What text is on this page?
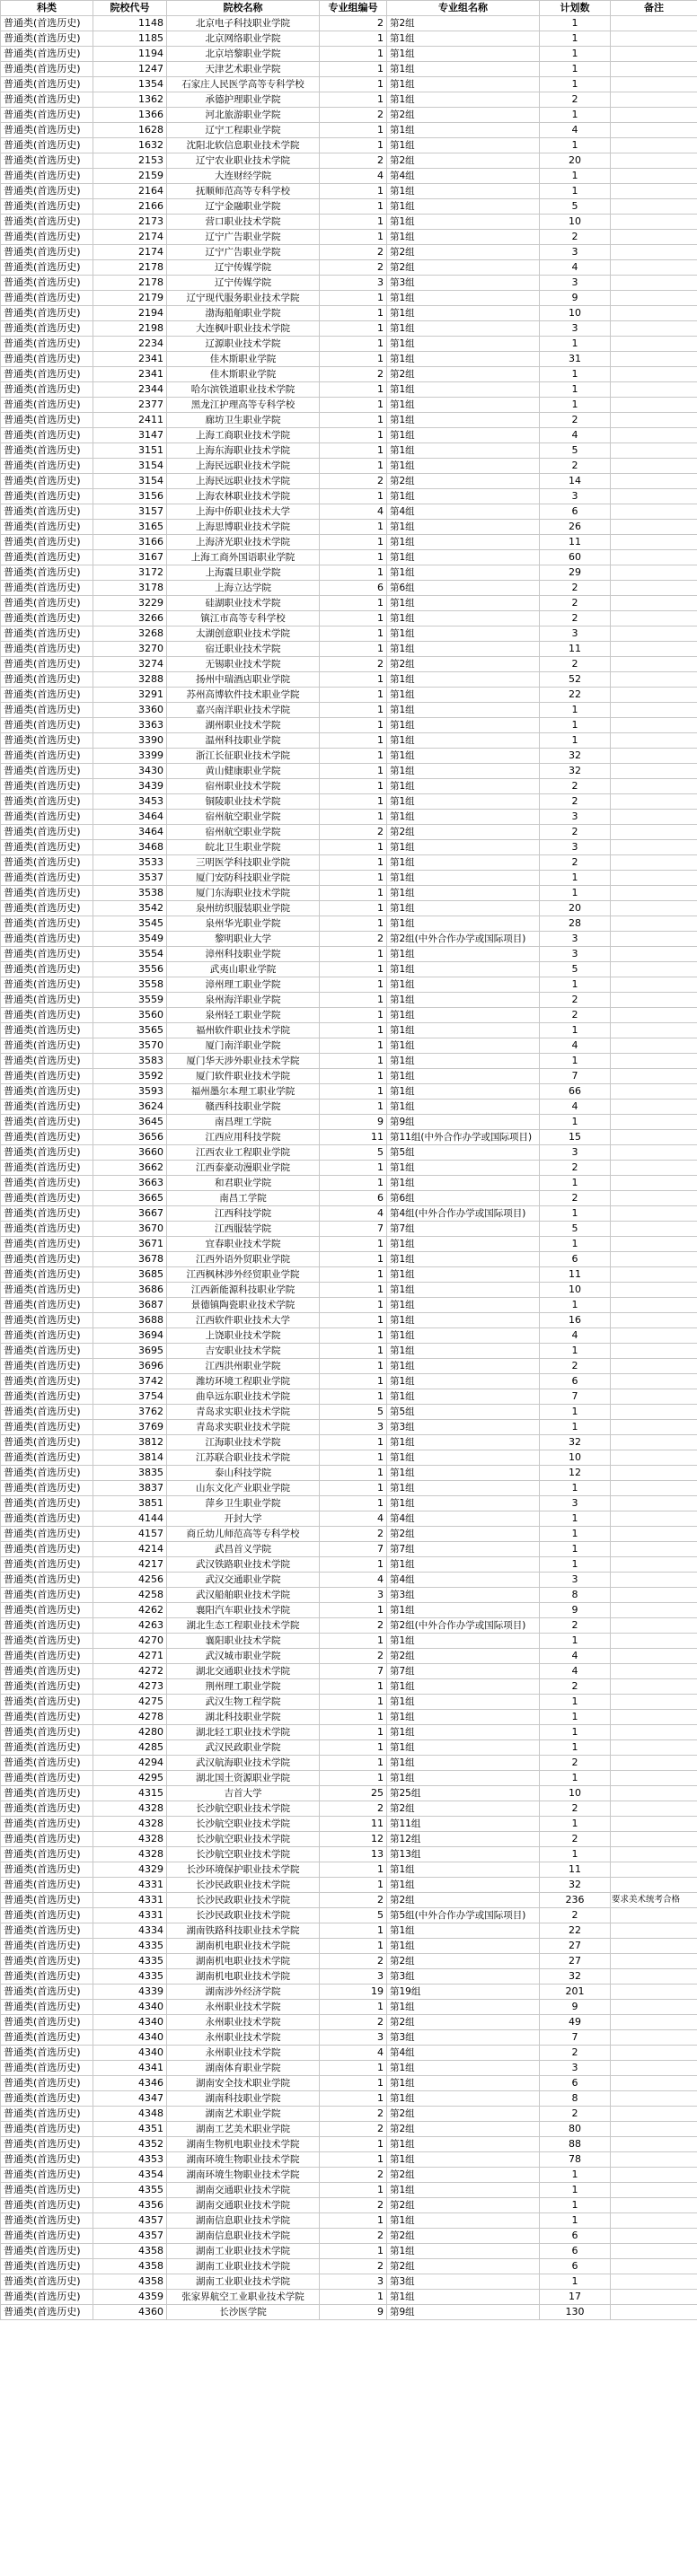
科类	院校代号	院校名称	专业组编号	专业组名称	计划数	备注
普通类(首选历史)	1148	北京电子科技职业学院	2	第2组	1	
普通类(首选历史)	1185	北京网络职业学院	1	第1组	1	
普通类(首选历史)	1194	北京培黎职业学院	1	第1组	1	
普通类(首选历史)	1247	天津艺术职业学院	1	第1组	1	
普通类(首选历史)	1354	石家庄人民医学高等专科学校	1	第1组	1	
普通类(首选历史)	1362	承德护理职业学院	1	第1组	2	
普通类(首选历史)	1366	河北旅游职业学院	2	第2组	1	
普通类(首选历史)	1628	辽宁工程职业学院	1	第1组	4	
普通类(首选历史)	1632	沈阳北软信息职业技术学院	1	第1组	1	
普通类(首选历史)	2153	辽宁农业职业技术学院	2	第2组	20	
普通类(首选历史)	2159	大连财经学院	4	第4组	1	
普通类(首选历史)	2164	抚顺师范高等专科学校	1	第1组	1	
普通类(首选历史)	2166	辽宁金融职业学院	1	第1组	5	
普通类(首选历史)	2173	营口职业技术学院	1	第1组	10	
普通类(首选历史)	2174	辽宁广告职业学院	1	第1组	2	
普通类(首选历史)	2174	辽宁广告职业学院	2	第2组	3	
普通类(首选历史)	2178	辽宁传媒学院	2	第2组	4	
普通类(首选历史)	2178	辽宁传媒学院	3	第3组	3	
普通类(首选历史)	2179	辽宁现代服务职业技术学院	1	第1组	9	
普通类(首选历史)	2194	渤海船舶职业学院	1	第1组	10	
普通类(首选历史)	2198	大连枫叶职业技术学院	1	第1组	3	
普通类(首选历史)	2234	辽源职业技术学院	1	第1组	1	
普通类(首选历史)	2341	佳木斯职业学院	1	第1组	31	
普通类(首选历史)	2341	佳木斯职业学院	2	第2组	1	
普通类(首选历史)	2344	哈尔滨铁道职业技术学院	1	第1组	1	
普通类(首选历史)	2377	黑龙江护理高等专科学校	1	第1组	1	
普通类(首选历史)	2411	廊坊卫生职业学院	1	第1组	2	
普通类(首选历史)	3147	上海工商职业技术学院	1	第1组	4	
普通类(首选历史)	3151	上海东海职业技术学院	1	第1组	5	
普通类(首选历史)	3154	上海民远职业技术学院	1	第1组	2	
普通类(首选历史)	3154	上海民远职业技术学院	2	第2组	14	
普通类(首选历史)	3156	上海农林职业技术学院	1	第1组	3	
普通类(首选历史)	3157	上海中侨职业技术大学	4	第4组	6	
普通类(首选历史)	3165	上海思博职业技术学院	1	第1组	26	
普通类(首选历史)	3166	上海济光职业技术学院	1	第1组	11	
普通类(首选历史)	3167	上海工商外国语职业学院	1	第1组	60	
普通类(首选历史)	3172	上海震旦职业学院	1	第1组	29	
普通类(首选历史)	3178	上海立达学院	6	第6组	2	
普通类(首选历史)	3229	硅湖职业技术学院	1	第1组	2	
普通类(首选历史)	3266	镇江市高等专科学校	1	第1组	2	
普通类(首选历史)	3268	太湖创意职业技术学院	1	第1组	3	
普通类(首选历史)	3270	宿迁职业技术学院	1	第1组	11	
普通类(首选历史)	3274	无锡职业技术学院	2	第2组	2	
普通类(首选历史)	3288	扬州中瑞酒店职业学院	1	第1组	52	
普通类(首选历史)	3291	苏州高博软件技术职业学院	1	第1组	22	
普通类(首选历史)	3360	嘉兴南洋职业技术学院	1	第1组	1	
普通类(首选历史)	3363	湖州职业技术学院	1	第1组	1	
普通类(首选历史)	3390	温州科技职业学院	1	第1组	1	
普通类(首选历史)	3399	浙江长征职业技术学院	1	第1组	32	
普通类(首选历史)	3430	黄山健康职业学院	1	第1组	32	
普通类(首选历史)	3439	宿州职业技术学院	1	第1组	2	
普通类(首选历史)	3453	铜陵职业技术学院	1	第1组	2	
普通类(首选历史)	3464	宿州航空职业学院	1	第1组	3	
普通类(首选历史)	3464	宿州航空职业学院	2	第2组	2	
普通类(首选历史)	3468	皖北卫生职业学院	1	第1组	3	
普通类(首选历史)	3533	三明医学科技职业学院	1	第1组	2	
普通类(首选历史)	3537	厦门安防科技职业学院	1	第1组	1	
普通类(首选历史)	3538	厦门东海职业技术学院	1	第1组	1	
普通类(首选历史)	3542	泉州纺织服装职业学院	1	第1组	20	
普通类(首选历史)	3545	泉州华光职业学院	1	第1组	28	
普通类(首选历史)	3549	黎明职业大学	2	第2组(中外合作办学或国际项目)	3	
普通类(首选历史)	3554	漳州科技职业学院	1	第1组	3	
普通类(首选历史)	3556	武夷山职业学院	1	第1组	5	
普通类(首选历史)	3558	漳州理工职业学院	1	第1组	1	
普通类(首选历史)	3559	泉州海洋职业学院	1	第1组	2	
普通类(首选历史)	3560	泉州轻工职业学院	1	第1组	2	
普通类(首选历史)	3565	福州软件职业技术学院	1	第1组	1	
普通类(首选历史)	3570	厦门南洋职业学院	1	第1组	4	
普通类(首选历史)	3583	厦门华天涉外职业技术学院	1	第1组	1	
普通类(首选历史)	3592	厦门软件职业技术学院	1	第1组	7	
普通类(首选历史)	3593	福州墨尔本理工职业学院	1	第1组	66	
普通类(首选历史)	3624	赣西科技职业学院	1	第1组	4	
普通类(首选历史)	3645	南昌理工学院	9	第9组	1	
普通类(首选历史)	3656	江西应用科技学院	11	第11组(中外合作办学或国际项目)	15	
普通类(首选历史)	3660	江西农业工程职业学院	5	第5组	3	
普通类(首选历史)	3662	江西泰豪动漫职业学院	1	第1组	2	
普通类(首选历史)	3663	和君职业学院	1	第1组	1	
普通类(首选历史)	3665	南昌工学院	6	第6组	2	
普通类(首选历史)	3667	江西科技学院	4	第4组(中外合作办学或国际项目)	1	
普通类(首选历史)	3670	江西服装学院	7	第7组	5	
普通类(首选历史)	3671	宜春职业技术学院	1	第1组	1	
普通类(首选历史)	3678	江西外语外贸职业学院	1	第1组	6	
普通类(首选历史)	3685	江西枫林涉外经贸职业学院	1	第1组	11	
普通类(首选历史)	3686	江西新能源科技职业学院	1	第1组	10	
普通类(首选历史)	3687	景德镇陶瓷职业技术学院	1	第1组	1	
普通类(首选历史)	3688	江西软件职业技术大学	1	第1组	16	
普通类(首选历史)	3694	上饶职业技术学院	1	第1组	4	
普通类(首选历史)	3695	吉安职业技术学院	1	第1组	1	
普通类(首选历史)	3696	江西洪州职业学院	1	第1组	2	
普通类(首选历史)	3742	潍坊环境工程职业学院	1	第1组	6	
普通类(首选历史)	3754	曲阜远东职业技术学院	1	第1组	7	
普通类(首选历史)	3762	青岛求实职业技术学院	5	第5组	1	
普通类(首选历史)	3769	青岛求实职业技术学院	3	第3组	1	
普通类(首选历史)	3812	江海职业技术学院	1	第1组	32	
普通类(首选历史)	3814	江苏联合职业技术学院	1	第1组	10	
普通类(首选历史)	3835	泰山科技学院	1	第1组	12	
普通类(首选历史)	3837	山东文化产业职业学院	1	第1组	1	
普通类(首选历史)	3851	萍乡卫生职业学院	1	第1组	3	
普通类(首选历史)	4144	开封大学	4	第4组	1	
普通类(首选历史)	4157	商丘幼儿师范高等专科学校	2	第2组	1	
普通类(首选历史)	4214	武昌首义学院	7	第7组	1	
普通类(首选历史)	4217	武汉铁路职业技术学院	1	第1组	1	
普通类(首选历史)	4256	武汉交通职业学院	4	第4组	3	
普通类(首选历史)	4258	武汉船舶职业技术学院	3	第3组	8	
普通类(首选历史)	4262	襄阳汽车职业技术学院	1	第1组	9	
普通类(首选历史)	4263	湖北生态工程职业技术学院	2	第2组(中外合作办学或国际项目)	2	
普通类(首选历史)	4270	襄阳职业技术学院	1	第1组	1	
普通类(首选历史)	4271	武汉城市职业学院	2	第2组	4	
普通类(首选历史)	4272	湖北交通职业技术学院	7	第7组	4	
普通类(首选历史)	4273	荆州理工职业学院	1	第1组	2	
普通类(首选历史)	4275	武汉生物工程学院	1	第1组	1	
普通类(首选历史)	4278	湖北科技职业学院	1	第1组	1	
普通类(首选历史)	4280	湖北轻工职业技术学院	1	第1组	1	
普通类(首选历史)	4285	武汉民政职业学院	1	第1组	1	
普通类(首选历史)	4294	武汉航海职业技术学院	1	第1组	2	
普通类(首选历史)	4295	湖北国土资源职业学院	1	第1组	1	
普通类(首选历史)	4315	吉首大学	25	第25组	10	
普通类(首选历史)	4328	长沙航空职业技术学院	2	第2组	2	
普通类(首选历史)	4328	长沙航空职业技术学院	11	第11组	1	
普通类(首选历史)	4328	长沙航空职业技术学院	12	第12组	2	
普通类(首选历史)	4328	长沙航空职业技术学院	13	第13组	1	
普通类(首选历史)	4329	长沙环境保护职业技术学院	1	第1组	11	
普通类(首选历史)	4331	长沙民政职业技术学院	1	第1组	32	
普通类(首选历史)	4331	长沙民政职业技术学院	2	第2组	236	要求美术统考合格
普通类(首选历史)	4331	长沙民政职业技术学院	5	第5组(中外合作办学或国际项目)	2	
普通类(首选历史)	4334	湖南铁路科技职业技术学院	1	第1组	22	
普通类(首选历史)	4335	湖南机电职业技术学院	1	第1组	27	
普通类(首选历史)	4335	湖南机电职业技术学院	2	第2组	27	
普通类(首选历史)	4335	湖南机电职业技术学院	3	第3组	32	
普通类(首选历史)	4339	湖南涉外经济学院	19	第19组	201	
普通类(首选历史)	4340	永州职业技术学院	1	第1组	9	
普通类(首选历史)	4340	永州职业技术学院	2	第2组	49	
普通类(首选历史)	4340	永州职业技术学院	3	第3组	7	
普通类(首选历史)	4340	永州职业技术学院	4	第4组	2	
普通类(首选历史)	4341	湖南体育职业学院	1	第1组	3	
普通类(首选历史)	4346	湖南安全技术职业学院	1	第1组	6	
普通类(首选历史)	4347	湖南科技职业学院	1	第1组	8	
普通类(首选历史)	4348	湖南艺术职业学院	2	第2组	2	
普通类(首选历史)	4351	湖南工艺美术职业学院	2	第2组	80	
普通类(首选历史)	4352	湖南生物机电职业技术学院	1	第1组	88	
普通类(首选历史)	4353	湖南环境生物职业技术学院	1	第1组	78	
普通类(首选历史)	4354	湖南环境生物职业技术学院	2	第2组	1	
普通类(首选历史)	4355	湖南交通职业技术学院	1	第1组	1	
普通类(首选历史)	4356	湖南交通职业技术学院	2	第2组	1	
普通类(首选历史)	4357	湖南信息职业技术学院	1	第1组	1	
普通类(首选历史)	4357	湖南信息职业技术学院	2	第2组	6	
普通类(首选历史)	4358	湖南工业职业技术学院	1	第1组	6	
普通类(首选历史)	4358	湖南工业职业技术学院	2	第2组	6	
普通类(首选历史)	4358	湖南工业职业技术学院	3	第3组	1	
普通类(首选历史)	4359	张家界航空工业职业技术学院	1	第1组	17	
普通类(首选历史)	4360	长沙医学院	9	第9组	130	
